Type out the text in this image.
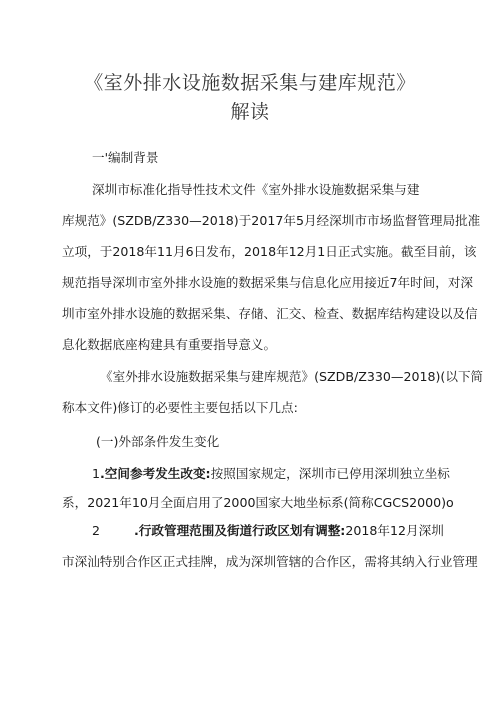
《室外排水设施数据采集与建库规范》
解读
一'编制背景
深圳市标准化指导性技术文件《室外排水设施数据采集与建
库规范》(SZDB/Z330—2018)于2017年5月经深圳市市场监督管理局批准
立项，于2018年11月6日发布，2018年12月1日正式实施。截至目前，该
规范指导深圳市室外排水设施的数据采集与信息化应用接近7年时间，对深
圳市室外排水设施的数据采集、存储、汇交、检查、数据库结构建设以及信
息化数据底座构建具有重要指导意义。
《室外排水设施数据采集与建库规范》(SZDB/Z330—2018)(以下简
称本文件)修订的必要性主要包括以下几点:
(一)外部条件发生变化
1.空间参考发生改变:按照国家规定，深圳市已停用深圳独立坐标
系，2021年10月全面启用了2000国家大地坐标系(简称CGCS2000)o
2	.行政管理范围及街道行政区划有调整:2018年12月深圳
市深汕特别合作区正式挂牌，成为深圳管辖的合作区，需将其纳入行业管理
